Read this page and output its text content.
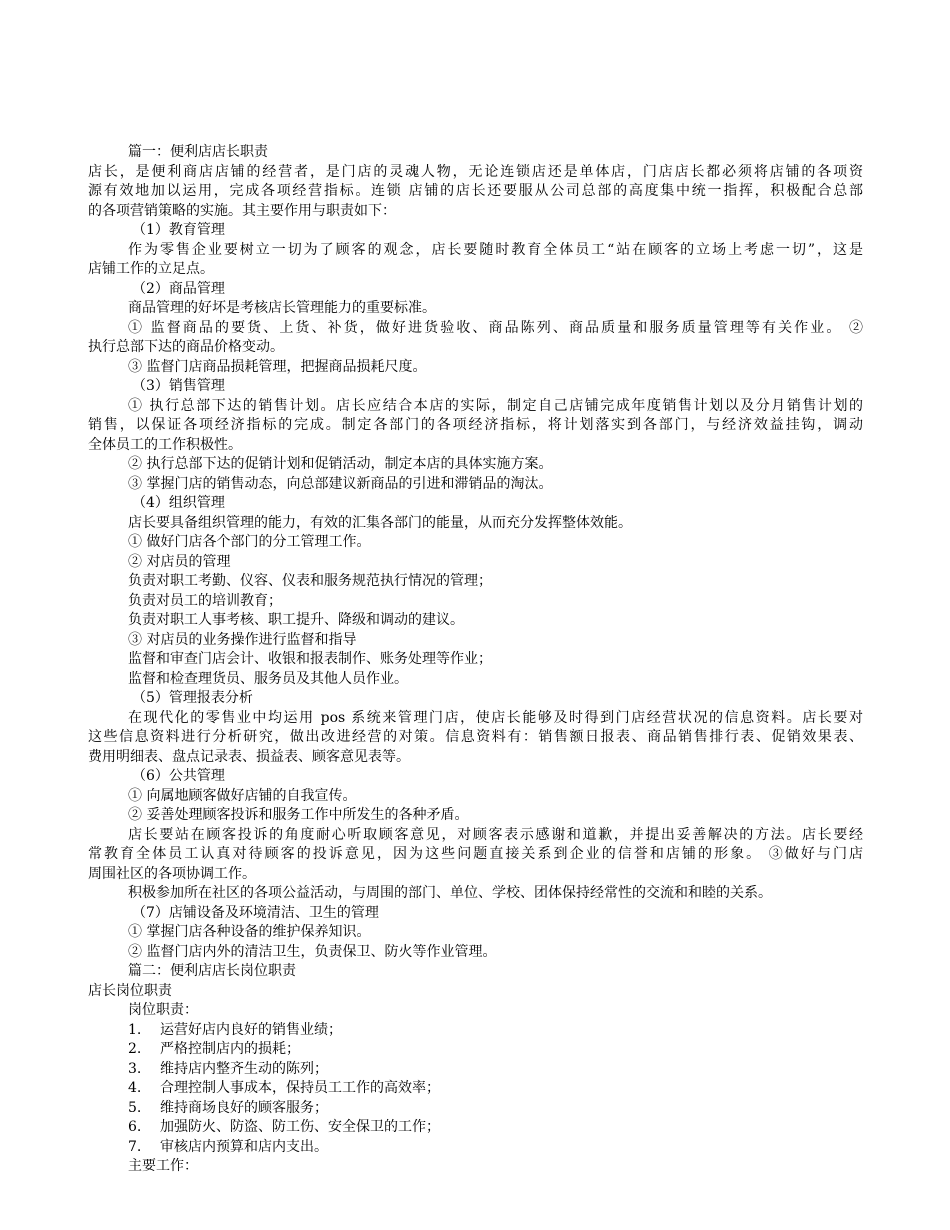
篇一：便利店店长职责
店长，是便利商店店铺的经营者，是门店的灵魂人物，无论连锁店还是单体店，门店店长都必须将店铺的各项资
源有效地加以运用，完成各项经营指标。连锁 店铺的店长还要服从公司总部的高度集中统一指挥，积极配合总部
的各项营销策略的实施。其主要作用与职责如下：
（1）教育管理
作为零售企业要树立一切为了顾客的观念，店长要随时教育全体员工“站在顾客的立场上考虑一切”，这是
店铺工作的立足点。
（2）商品管理
商品管理的好坏是考核店长管理能力的重要标准。
① 监督商品的要货、上货、补货，做好进货验收、商品陈列、商品质量和服务质量管理等有关作业。 ②
执行总部下达的商品价格变动。
③ 监督门店商品损耗管理，把握商品损耗尺度。
（3）销售管理
① 执行总部下达的销售计划。店长应结合本店的实际，制定自己店铺完成年度销售计划以及分月销售计划的
销售，以保证各项经济指标的完成。制定各部门的各项经济指标，将计划落实到各部门，与经济效益挂钩，调动
全体员工的工作积极性。
② 执行总部下达的促销计划和促销活动，制定本店的具体实施方案。
③ 掌握门店的销售动态，向总部建议新商品的引进和滞销品的淘汰。
（4）组织管理
店长要具备组织管理的能力，有效的汇集各部门的能量，从而充分发挥整体效能。
① 做好门店各个部门的分工管理工作。
② 对店员的管理
负责对职工考勤、仪容、仪表和服务规范执行情况的管理；
负责对员工的培训教育；
负责对职工人事考核、职工提升、降级和调动的建议。
③ 对店员的业务操作进行监督和指导
监督和审查门店会计、收银和报表制作、账务处理等作业；
监督和检查理货员、服务员及其他人员作业。
（5）管理报表分析
在现代化的零售业中均运用 pos 系统来管理门店，使店长能够及时得到门店经营状况的信息资料。店长要对
这些信息资料进行分析研究，做出改进经营的对策。信息资料有：销售额日报表、商品销售排行表、促销效果表、
费用明细表、盘点记录表、损益表、顾客意见表等。
（6）公共管理
① 向属地顾客做好店铺的自我宣传。
② 妥善处理顾客投诉和服务工作中所发生的各种矛盾。
店长要站在顾客投诉的角度耐心听取顾客意见，对顾客表示感谢和道歉，并提出妥善解决的方法。店长要经
常教育全体员工认真对待顾客的投诉意见，因为这些问题直接关系到企业的信誉和店铺的形象。 ③做好与门店
周围社区的各项协调工作。
积极参加所在社区的各项公益活动，与周围的部门、单位、学校、团体保持经常性的交流和和睦的关系。
（7）店铺设备及环境清洁、卫生的管理
① 掌握门店各种设备的维护保养知识。
② 监督门店内外的清洁卫生，负责保卫、防火等作业管理。
篇二：便利店店长岗位职责
店长岗位职责
岗位职责：
1. 运营好店内良好的销售业绩；
2. 严格控制店内的损耗；
3. 维持店内整齐生动的陈列；
4. 合理控制人事成本，保持员工工作的高效率；
5. 维持商场良好的顾客服务；
6. 加强防火、防盗、防工伤、安全保卫的工作；
7. 审核店内预算和店内支出。
主要工作：
